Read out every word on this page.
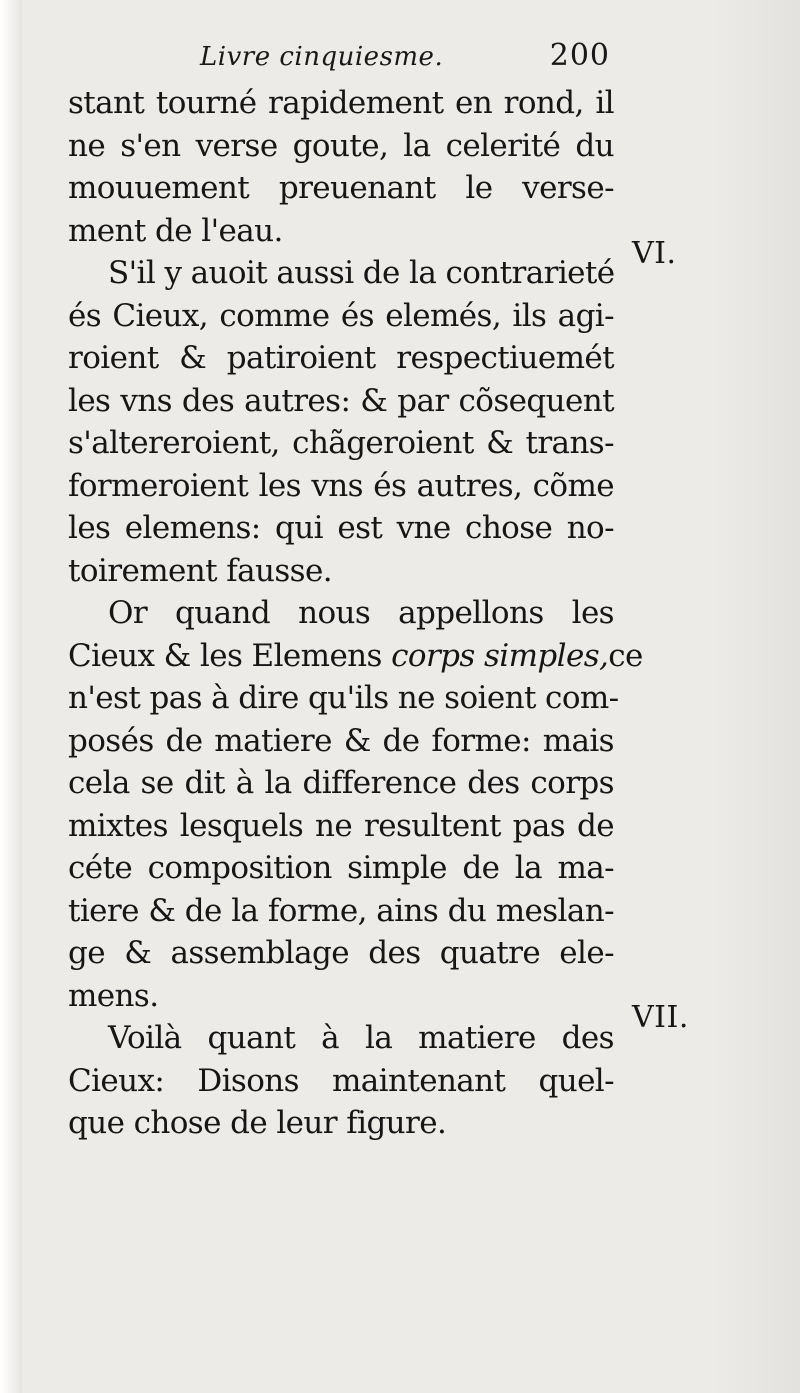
Livre cinquiesme.	200
stant tourné rapidement en rond, il
ne s'en verse goute, la celerité du
mouuement preuenant le verse-
ment de l'eau.
S'il y auoit aussi de la contrarieté
és Cieux, comme és elemés, ils agi-
roient & patiroient respectiuemét
les vns des autres: & par cõsequent
s'altereroient, chãgeroient & trans-
formeroient les vns és autres, cõme
les elemens: qui est vne chose no-
toirement fausse.
Or quand nous appellons les
Cieux & les Elemens corps simples,ce
n'est pas à dire qu'ils ne soient com-
posés de matiere & de forme: mais
cela se dit à la difference des corps
mixtes lesquels ne resultent pas de
céte composition simple de la ma-
tiere & de la forme, ains du meslan-
ge & assemblage des quatre ele-
mens.
Voilà quant à la matiere des
Cieux: Disons maintenant quel-
que chose de leur figure.
VI.
VII.
